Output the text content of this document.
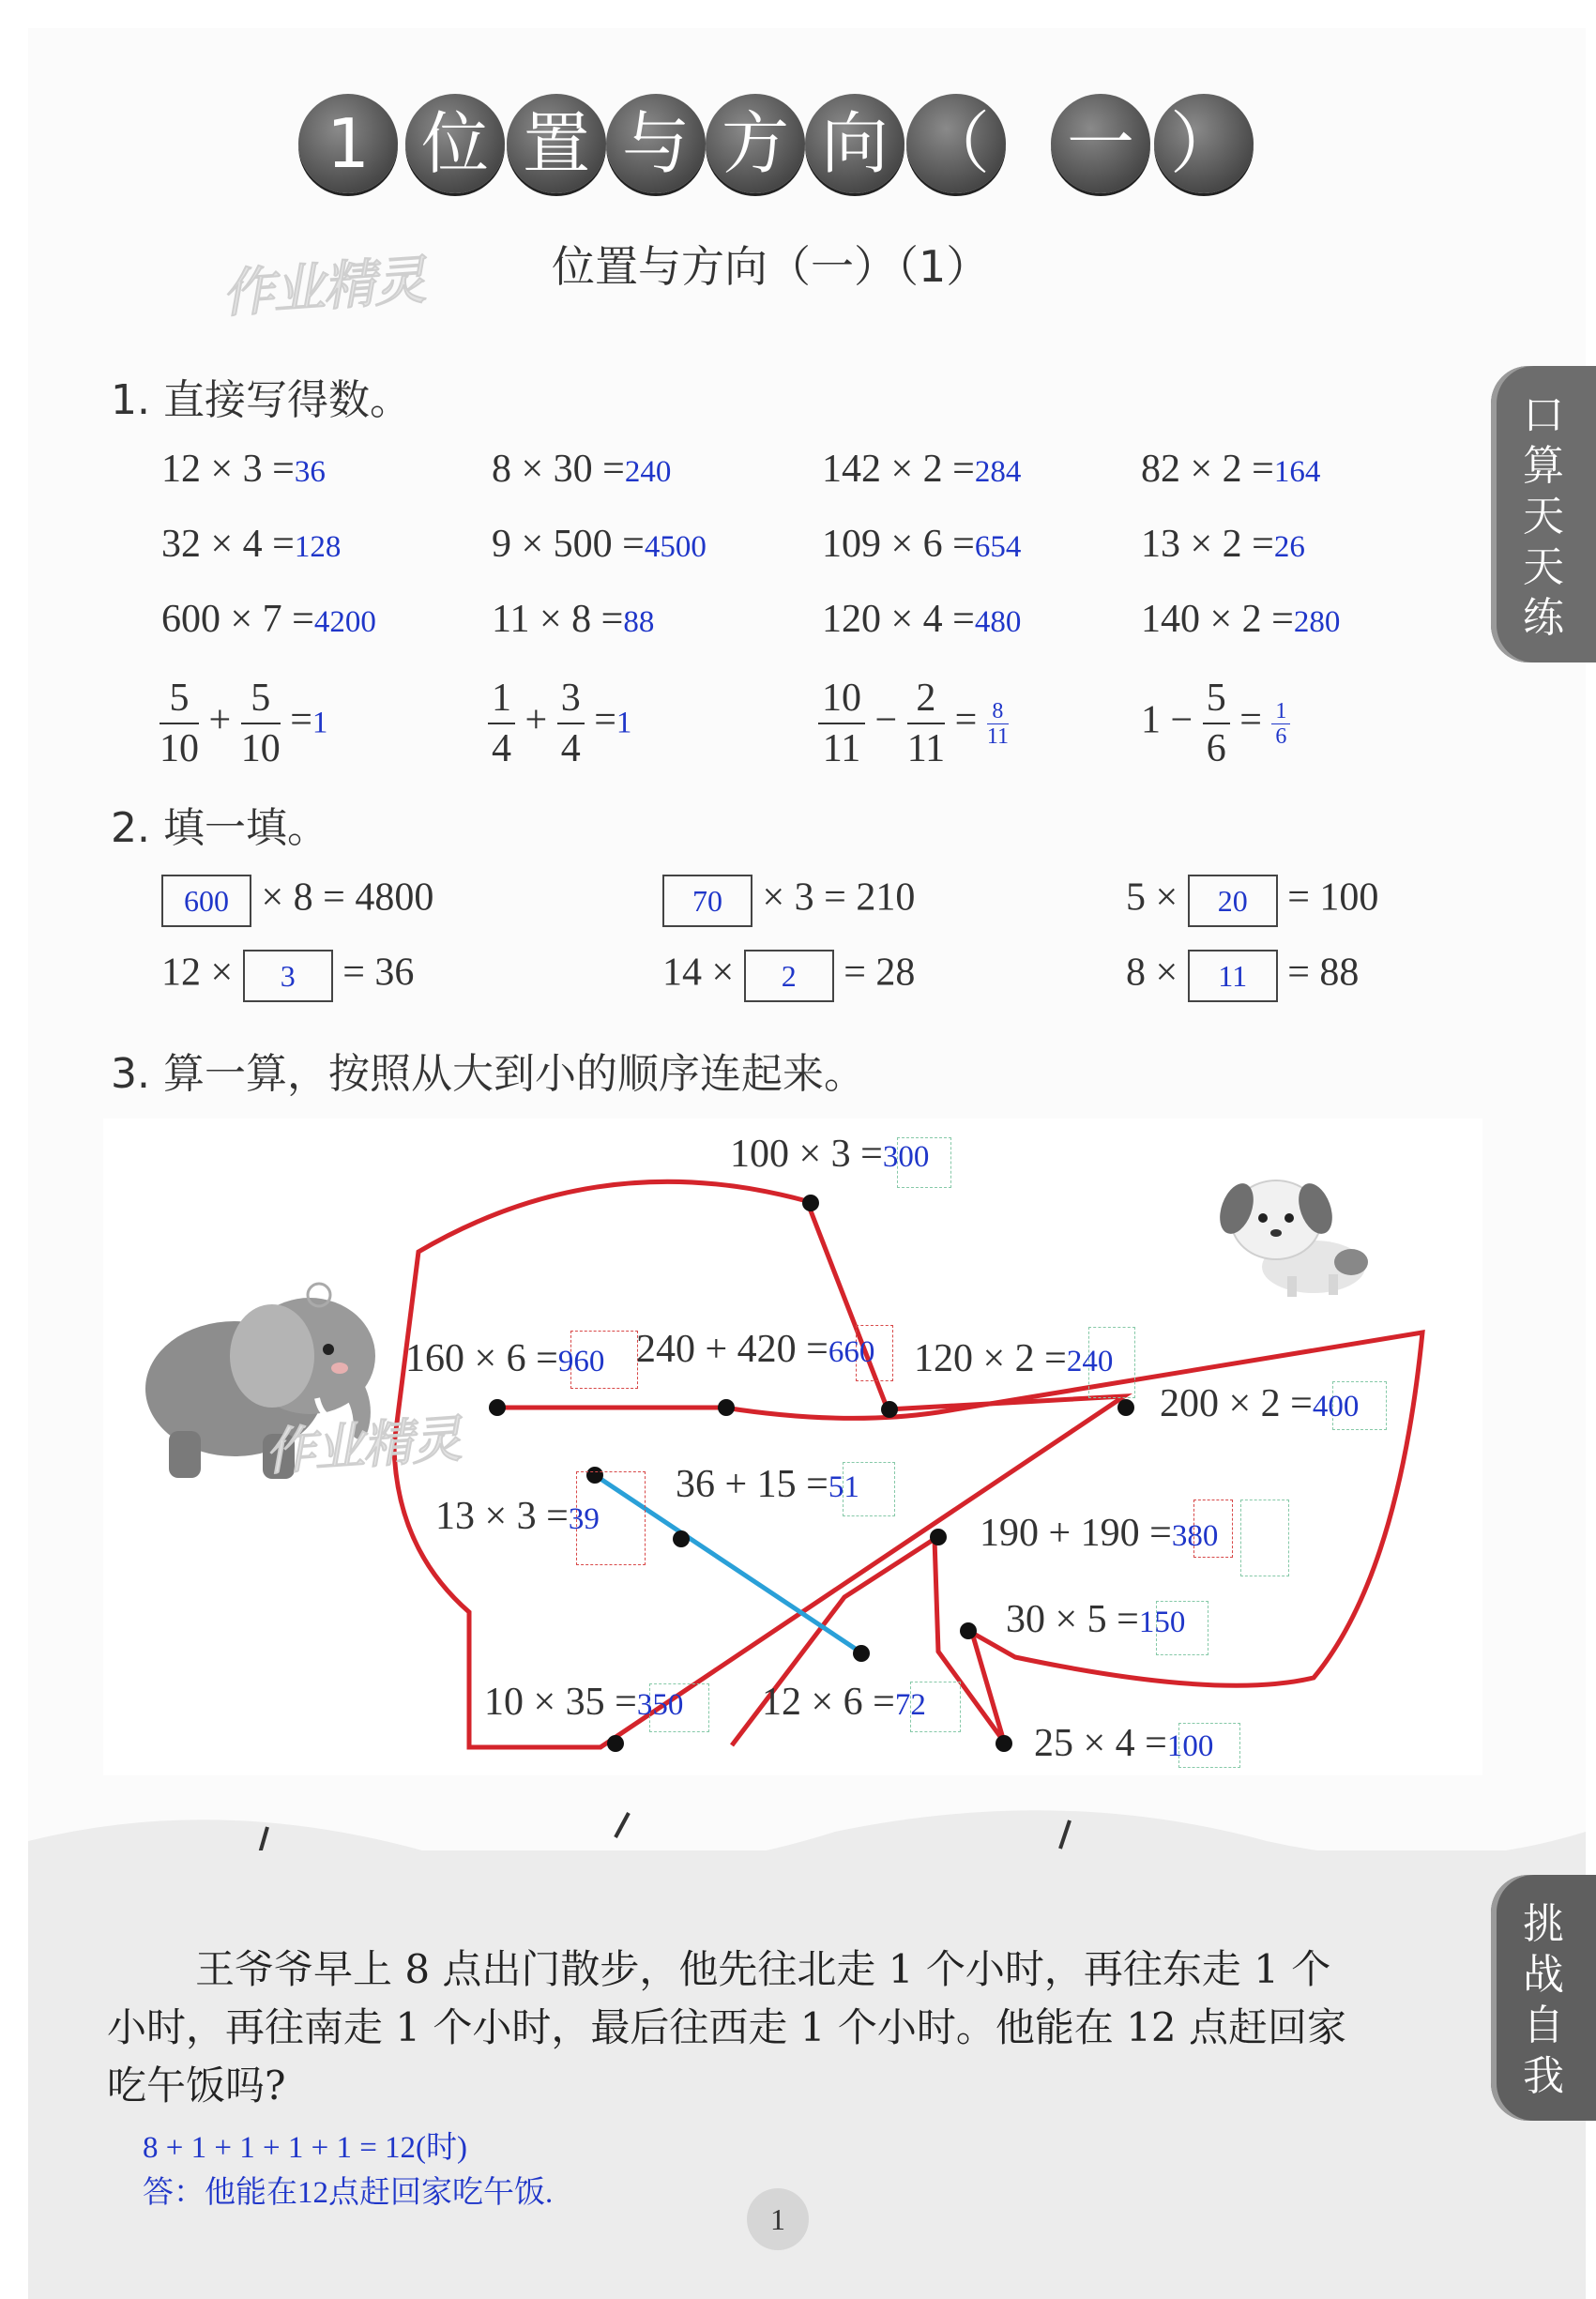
1 位 置 与 方 向 （ 一 ）
位置与方向（一）（1）
作业精灵
口
算
天
天
练
1. 直接写得数。
12 × 3 =36	8 × 30 =240	142 × 2 =284	82 × 2 =164
32 × 4 =128	9 × 500 =4500	109 × 6 =654	13 × 2 =26
600 × 7 =4200	11 × 8 =88	120 × 4 =480	140 × 2 =280
$\frac{5}{10} + \frac{5}{10} =1$	$\frac{1}{4} + \frac{3}{4} =1$	$\frac{10}{11} - \frac{2}{11} = \frac{8}{11}$	$1 - \frac{5}{6} = \frac{1}{6}$
2. 填一填。
600 × 8 = 4800	70 × 3 = 210	5 × 20 = 100
12 × 3 = 36	14 × 2 = 28	8 × 11 = 88
3. 算一算，按照从大到小的顺序连起来。
100 × 3 =300
160 × 6 =960 240 + 420 =660 120 × 2 =240
200 × 2 =400
36 + 15 =51
13 × 3 =39	190 + 190 =380
30 × 5 =150
10 × 35 =350 12 × 6 =72
25 × 4 =100
作业精灵
挑
战
自
我
王爷爷早上 8 点出门散步，他先往北走 1 个小时，再往东走 1 个
小时，再往南走 1 个小时，最后往西走 1 个小时。他能在 12 点赶回家
吃午饭吗?
8 + 1 + 1 + 1 + 1 = 12(时)
答：他能在12点赶回家吃午饭.
1
